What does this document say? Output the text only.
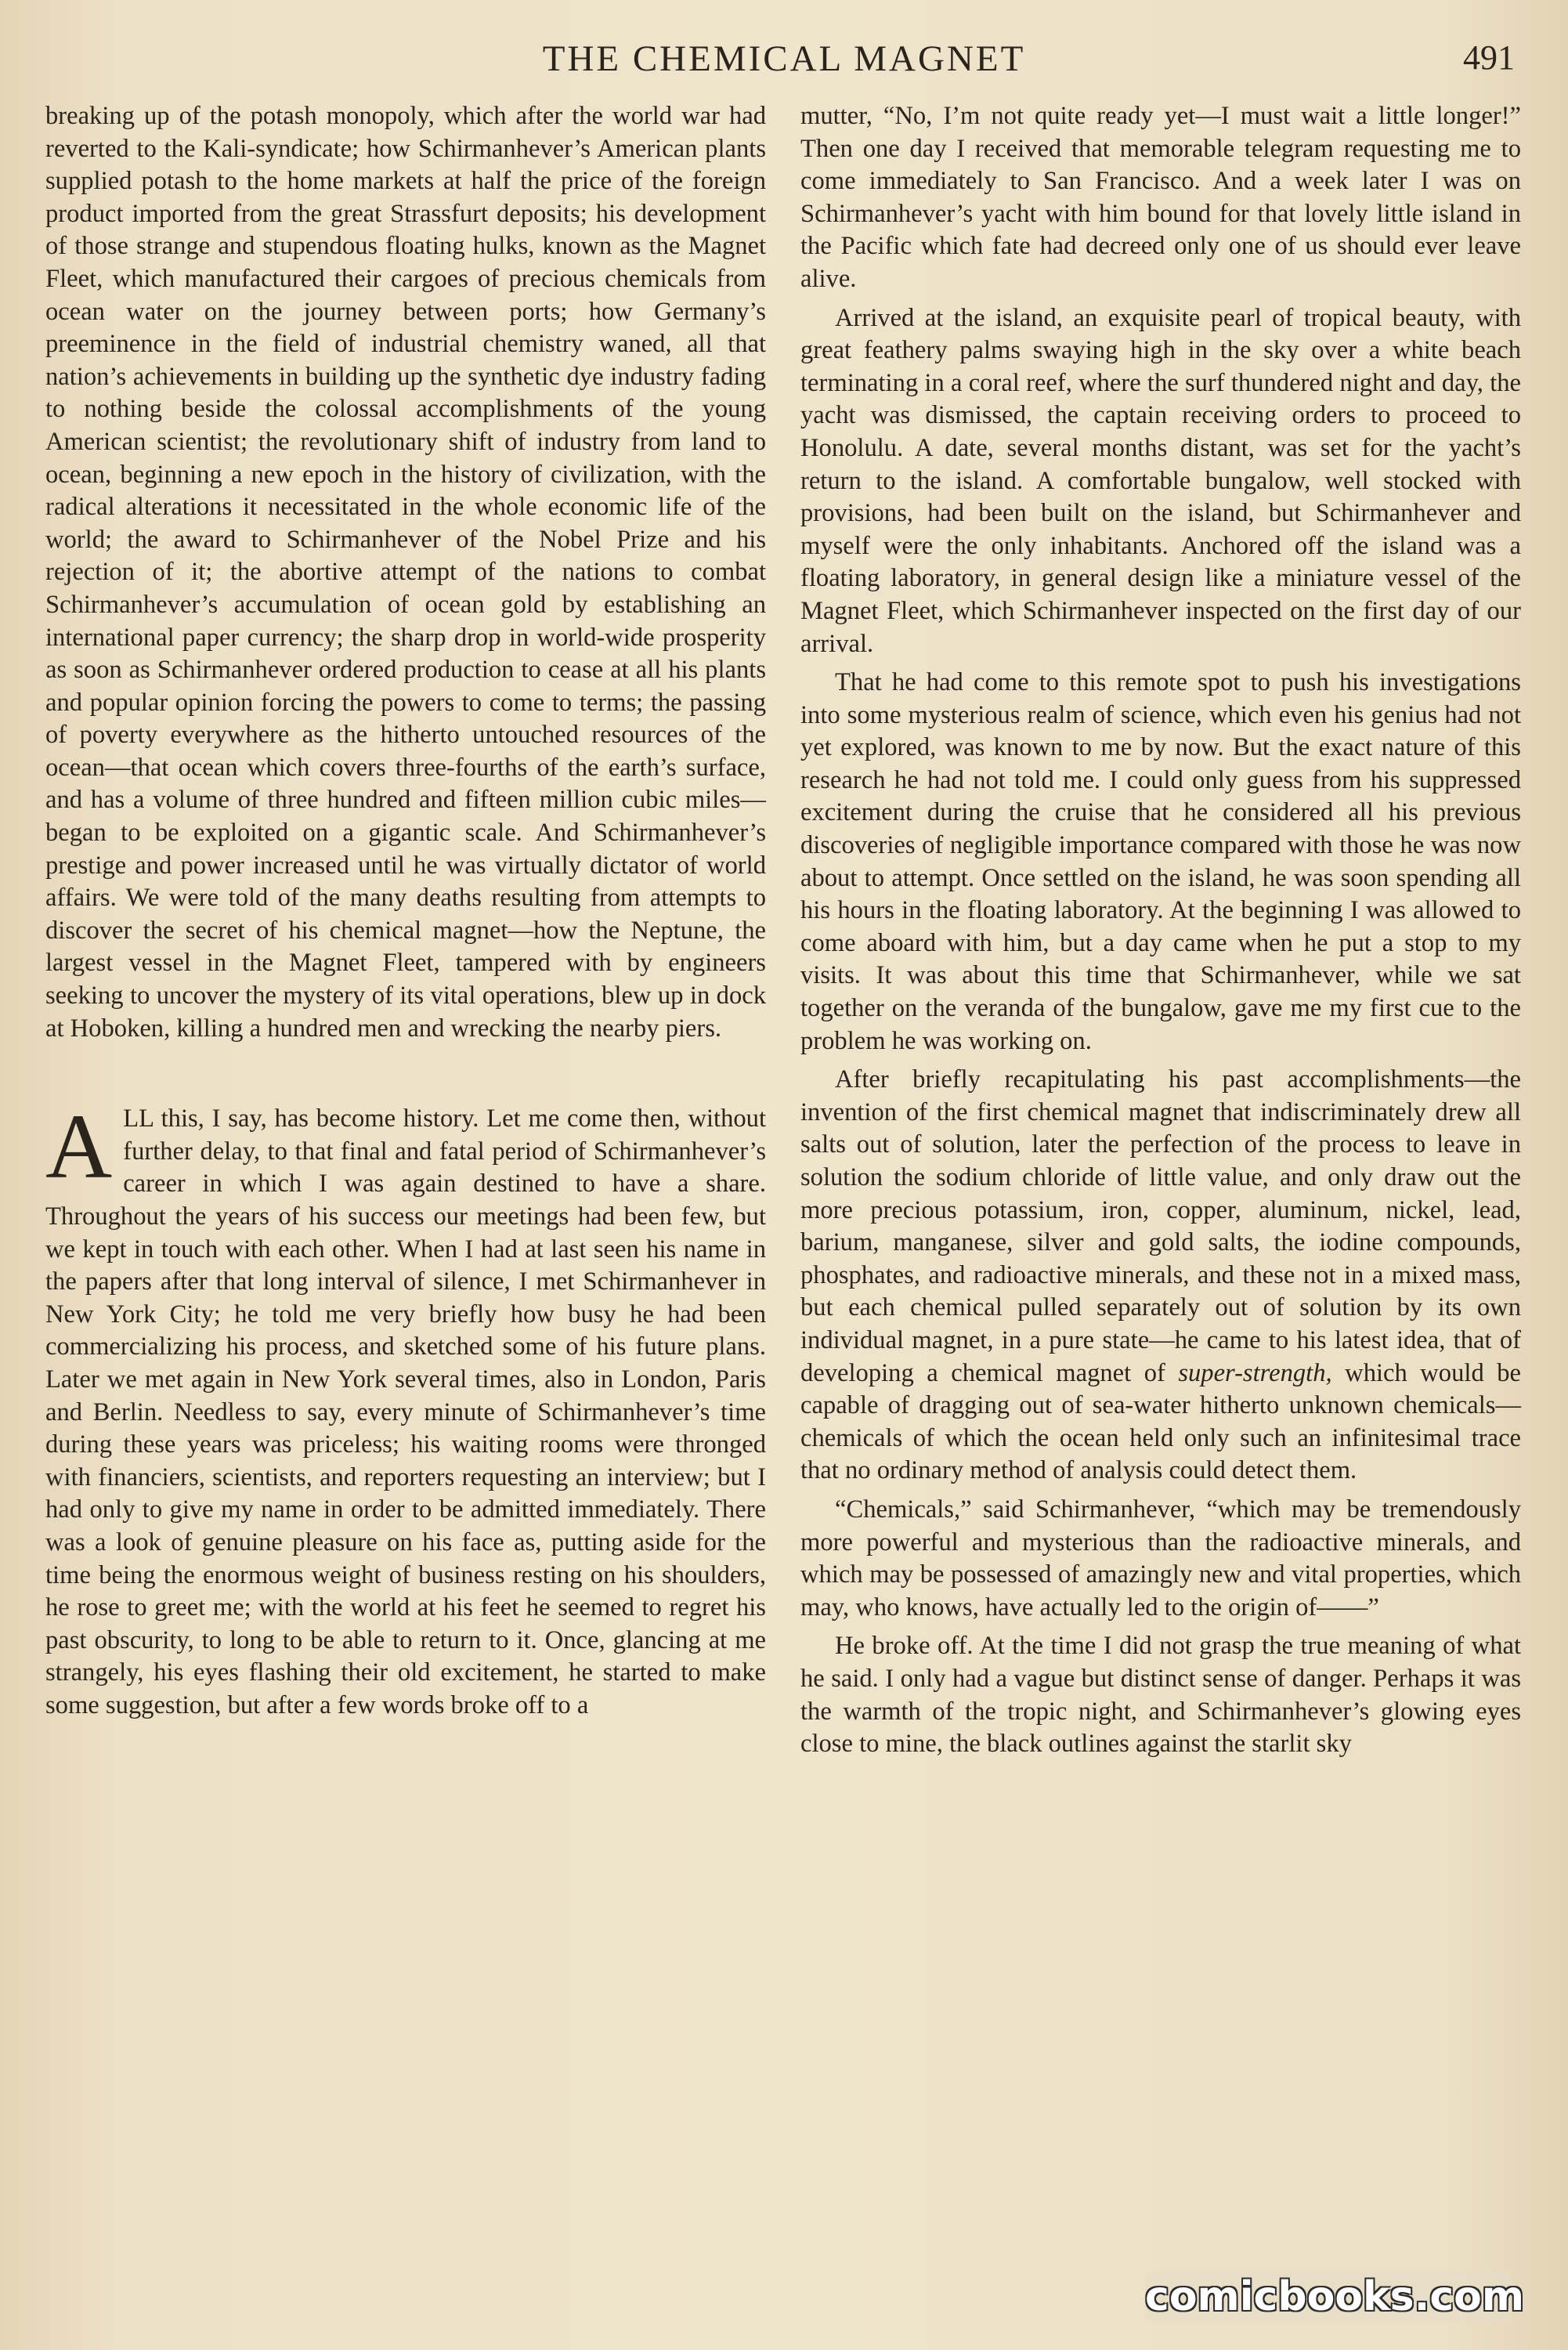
THE CHEMICAL MAGNET	491

breaking up of the potash monopoly, which after the world war had reverted to the Kali-syndicate; how Schirmanhever’s American plants supplied potash to the home markets at half the price of the foreign product imported from the great Strassfurt deposits; his development of those strange and stupendous floating hulks, known as the Magnet Fleet, which manufactured their cargoes of precious chemicals from ocean water on the journey between ports; how Germany’s preeminence in the field of industrial chemistry waned, all that nation’s achievements in building up the synthetic dye industry fading to nothing beside the colossal accomplishments of the young American scientist; the revolutionary shift of industry from land to ocean, beginning a new epoch in the history of civilization, with the radical alterations it necessitated in the whole economic life of the world; the award to Schirmanhever of the Nobel Prize and his rejection of it; the abortive attempt of the nations to combat Schirmanhever’s accumulation of ocean gold by establishing an international paper currency; the sharp drop in world-wide prosperity as soon as Schirmanhever ordered production to cease at all his plants and popular opinion forcing the powers to come to terms; the passing of poverty everywhere as the hitherto untouched resources of the ocean—that ocean which covers three-fourths of the earth’s surface, and has a volume of three hundred and fifteen million cubic miles—began to be exploited on a gigantic scale. And Schirmanhever’s prestige and power increased until he was virtually dictator of world affairs. We were told of the many deaths resulting from attempts to discover the secret of his chemical magnet—how the Neptune, the largest vessel in the Magnet Fleet, tampered with by engineers seeking to uncover the mystery of its vital operations, blew up in dock at Hoboken, killing a hundred men and wrecking the nearby piers.

ALL this, I say, has become history. Let me come then, without further delay, to that final and fatal period of Schirmanhever’s career in which I was again destined to have a share. Throughout the years of his success our meetings had been few, but we kept in touch with each other. When I had at last seen his name in the papers after that long interval of silence, I met Schirmanhever in New York City; he told me very briefly how busy he had been commercializing his process, and sketched some of his future plans. Later we met again in New York several times, also in London, Paris and Berlin. Needless to say, every minute of Schirmanhever’s time during these years was priceless; his waiting rooms were thronged with financiers, scientists, and reporters requesting an interview; but I had only to give my name in order to be admitted immediately. There was a look of genuine pleasure on his face as, putting aside for the time being the enormous weight of business resting on his shoulders, he rose to greet me; with the world at his feet he seemed to regret his past obscurity, to long to be able to return to it. Once, glancing at me strangely, his eyes flashing their old excitement, he started to make some suggestion, but after a few words broke off to a

mutter, “No, I’m not quite ready yet—I must wait a little longer!” Then one day I received that memorable telegram requesting me to come immediately to San Francisco. And a week later I was on Schirmanhever’s yacht with him bound for that lovely little island in the Pacific which fate had decreed only one of us should ever leave alive.

Arrived at the island, an exquisite pearl of tropical beauty, with great feathery palms swaying high in the sky over a white beach terminating in a coral reef, where the surf thundered night and day, the yacht was dismissed, the captain receiving orders to proceed to Honolulu. A date, several months distant, was set for the yacht’s return to the island. A comfortable bungalow, well stocked with provisions, had been built on the island, but Schirmanhever and myself were the only inhabitants. Anchored off the island was a floating laboratory, in general design like a miniature vessel of the Magnet Fleet, which Schirmanhever inspected on the first day of our arrival.

That he had come to this remote spot to push his investigations into some mysterious realm of science, which even his genius had not yet explored, was known to me by now. But the exact nature of this research he had not told me. I could only guess from his suppressed excitement during the cruise that he considered all his previous discoveries of negligible importance compared with those he was now about to attempt. Once settled on the island, he was soon spending all his hours in the floating laboratory. At the beginning I was allowed to come aboard with him, but a day came when he put a stop to my visits. It was about this time that Schirmanhever, while we sat together on the veranda of the bungalow, gave me my first cue to the problem he was working on.

After briefly recapitulating his past accomplishments—the invention of the first chemical magnet that indiscriminately drew all salts out of solution, later the perfection of the process to leave in solution the sodium chloride of little value, and only draw out the more precious potassium, iron, copper, aluminum, nickel, lead, barium, manganese, silver and gold salts, the iodine compounds, phosphates, and radioactive minerals, and these not in a mixed mass, but each chemical pulled separately out of solution by its own individual magnet, in a pure state—he came to his latest idea, that of developing a chemical magnet of super-strength, which would be capable of dragging out of sea-water hitherto unknown chemicals—chemicals of which the ocean held only such an infinitesimal trace that no ordinary method of analysis could detect them.

“Chemicals,” said Schirmanhever, “which may be tremendously more powerful and mysterious than the radioactive minerals, and which may be possessed of amazingly new and vital properties, which may, who knows, have actually led to the origin of——”

He broke off. At the time I did not grasp the true meaning of what he said. I only had a vague but distinct sense of danger. Perhaps it was the warmth of the tropic night, and Schirmanhever’s glowing eyes close to mine, the black outlines against the starlit sky

comicbooks.com
